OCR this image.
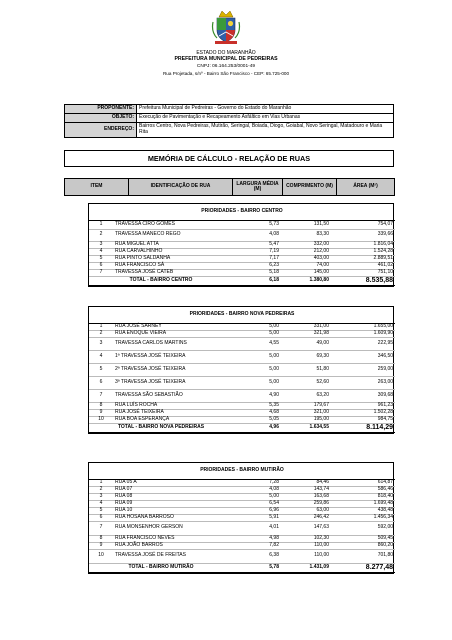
ESTADO DO MARANHÃO
PREFEITURA MUNICIPAL DE PEDREIRAS
CNPJ: 06.164.253/0001-49
Rua Projetada, s/nº - Bairro São Francisco - CEP: 65.725-000
PROPONENTE:	Prefeitura Municipal de Pedreiras - Governo do Estado do Maranhão
OBJETO:	Execução de Pavimentação e Recapeamento Asfáltico em Vias Urbanas
ENDEREÇO:	Bairros Centro, Nova Pedreiras, Mutirão, Seringal, Boiada, Diogo, Goiabal, Novo Seringal, Matadouro e Maria Rita
MEMÓRIA DE CÁLCULO - RELAÇÃO DE RUAS
ITEM	IDENTIFICAÇÃO DE RUA	LARGURA MÉDIA (M)	COMPRIMENTO (M)	ÁREA (M²)
PRIORIDADES - BAIRRO CENTRO				
1	TRAVESSA CIRO GOMES	5,73	131,50	754,07
2	TRAVESSA MANECO REGO	4,08	83,30	339,66
3	RUA MIGUEL ATTA	5,47	332,00	1.816,04
4	RUA CARVALHINHO	7,19	212,00	1.524,28
5	RUA PINTO SALDANHA	7,17	403,00	2.889,51
6	RUA FRANCISCO SÁ	6,23	74,00	461,02
7	TRAVESSA JOSÉ CATEB	5,18	145,00	751,10
TOTAL - BAIRRO CENTRO		6,18	1.380,80	8.535,88
PRIORIDADES - BAIRRO NOVA PEDREIRAS				
1	RUA JOSÉ SARNEY	5,00	331,00	1.655,00
2	RUA ENOQUE VIEIRA	5,00	321,98	1.609,90
3	TRAVESSA CARLOS MARTINS	4,55	49,00	222,95
4	1ª TRAVESSA JOSÉ TEIXEIRA	5,00	69,30	346,50
5	2ª TRAVESSA JOSÉ TEIXEIRA	5,00	51,80	259,00
6	3ª TRAVESSA JOSÉ TEIXEIRA	5,00	52,60	263,00
7	TRAVESSA SÃO SEBASTIÃO	4,90	63,20	309,68
8	RUA LUÍS ROCHA	5,35	179,67	961,23
9	RUA JOSÉ TEIXEIRA	4,68	321,00	1.502,28
10	RUA BOA ESPERANÇA	5,05	195,00	984,75
TOTAL - BAIRRO NOVA PEDREIRAS		4,96	1.634,55	8.114,29
PRIORIDADES - BAIRRO MUTIRÃO				
1	RUA 05 A	7,28	84,46	614,87
2	RUA 07	4,08	143,74	586,46
3	RUA 08	5,00	163,68	818,40
4	RUA 09	6,54	259,86	1.699,48
5	RUA 10	6,96	63,00	438,48
6	RUA HOSANA BARROSO	5,91	246,42	1.456,34
7	RUA MONSENHOR GERSON	4,01	147,63	592,00
8	RUA FRANCISCO NEVES	4,98	102,30	509,45
9	RUA JOÃO BARROS	7,82	110,00	860,20
10	TRAVESSA JOSÉ DE FREITAS	6,38	110,00	701,80
TOTAL - BAIRRO MUTIRÃO		5,78	1.431,09	8.277,48
